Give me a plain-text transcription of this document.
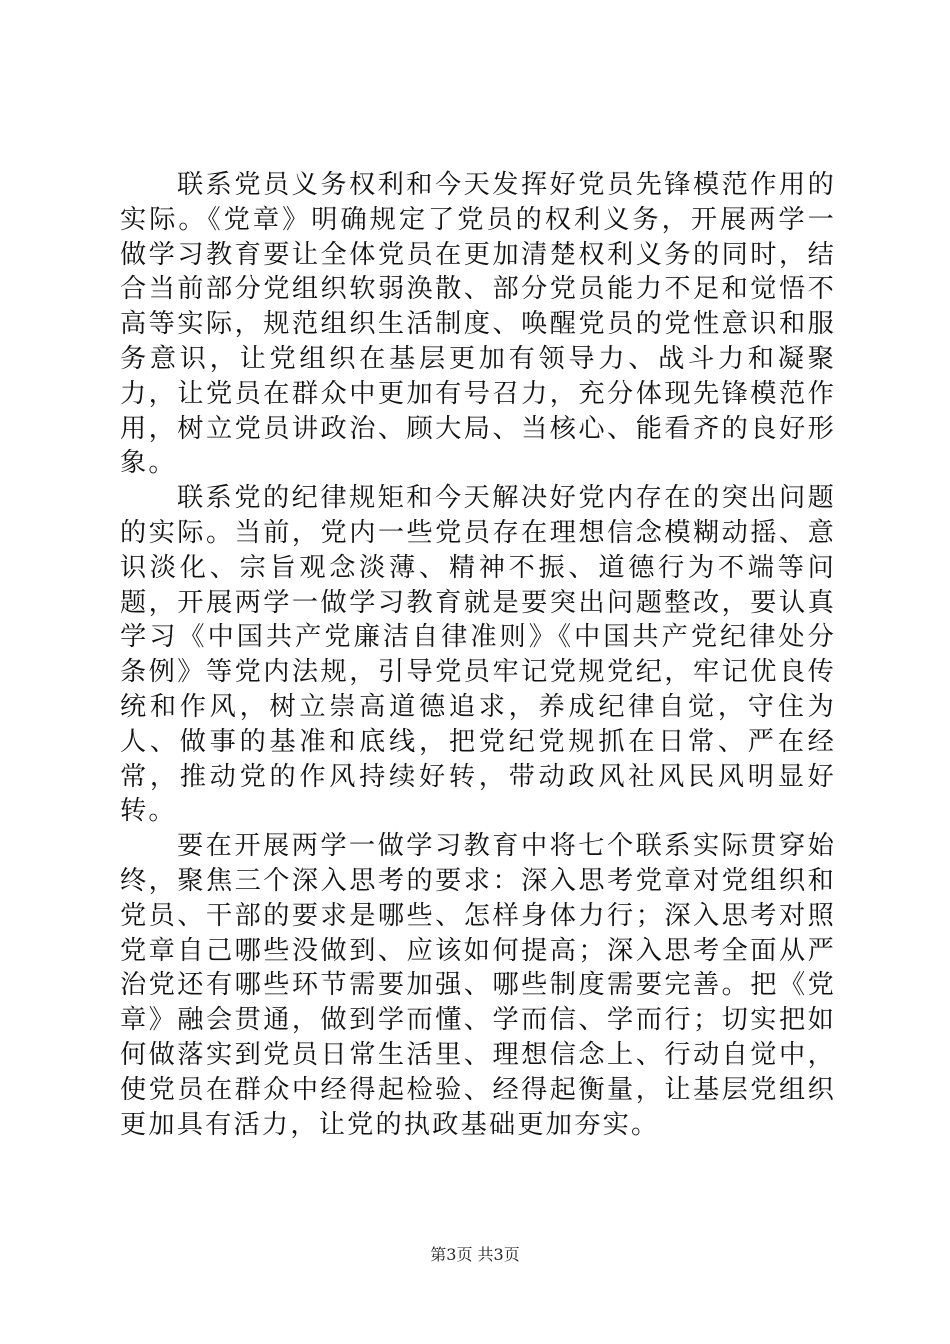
联系党员义务权利和今天发挥好党员先锋模范作用的实际。《党章》明确规定了党员的权利义务，开展两学一做学习教育要让全体党员在更加清楚权利义务的同时，结合当前部分党组织软弱涣散、部分党员能力不足和觉悟不高等实际，规范组织生活制度、唤醒党员的党性意识和服务意识，让党组织在基层更加有领导力、战斗力和凝聚力，让党员在群众中更加有号召力，充分体现先锋模范作用，树立党员讲政治、顾大局、当核心、能看齐的良好形象。

联系党的纪律规矩和今天解决好党内存在的突出问题的实际。当前，党内一些党员存在理想信念模糊动摇、意识淡化、宗旨观念淡薄、精神不振、道德行为不端等问题，开展两学一做学习教育就是要突出问题整改，要认真学习《中国共产党廉洁自律准则》《中国共产党纪律处分条例》等党内法规，引导党员牢记党规党纪，牢记优良传统和作风，树立崇高道德追求，养成纪律自觉，守住为人、做事的基准和底线，把党纪党规抓在日常、严在经常，推动党的作风持续好转，带动政风社风民风明显好转。

要在开展两学一做学习教育中将七个联系实际贯穿始终，聚焦三个深入思考的要求：深入思考党章对党组织和党员、干部的要求是哪些、怎样身体力行；深入思考对照党章自己哪些没做到、应该如何提高；深入思考全面从严治党还有哪些环节需要加强、哪些制度需要完善。把《党章》融会贯通，做到学而懂、学而信、学而行；切实把如何做落实到党员日常生活里、理想信念上、行动自觉中，使党员在群众中经得起检验、经得起衡量，让基层党组织更加具有活力，让党的执政基础更加夯实。

第3页 共3页
